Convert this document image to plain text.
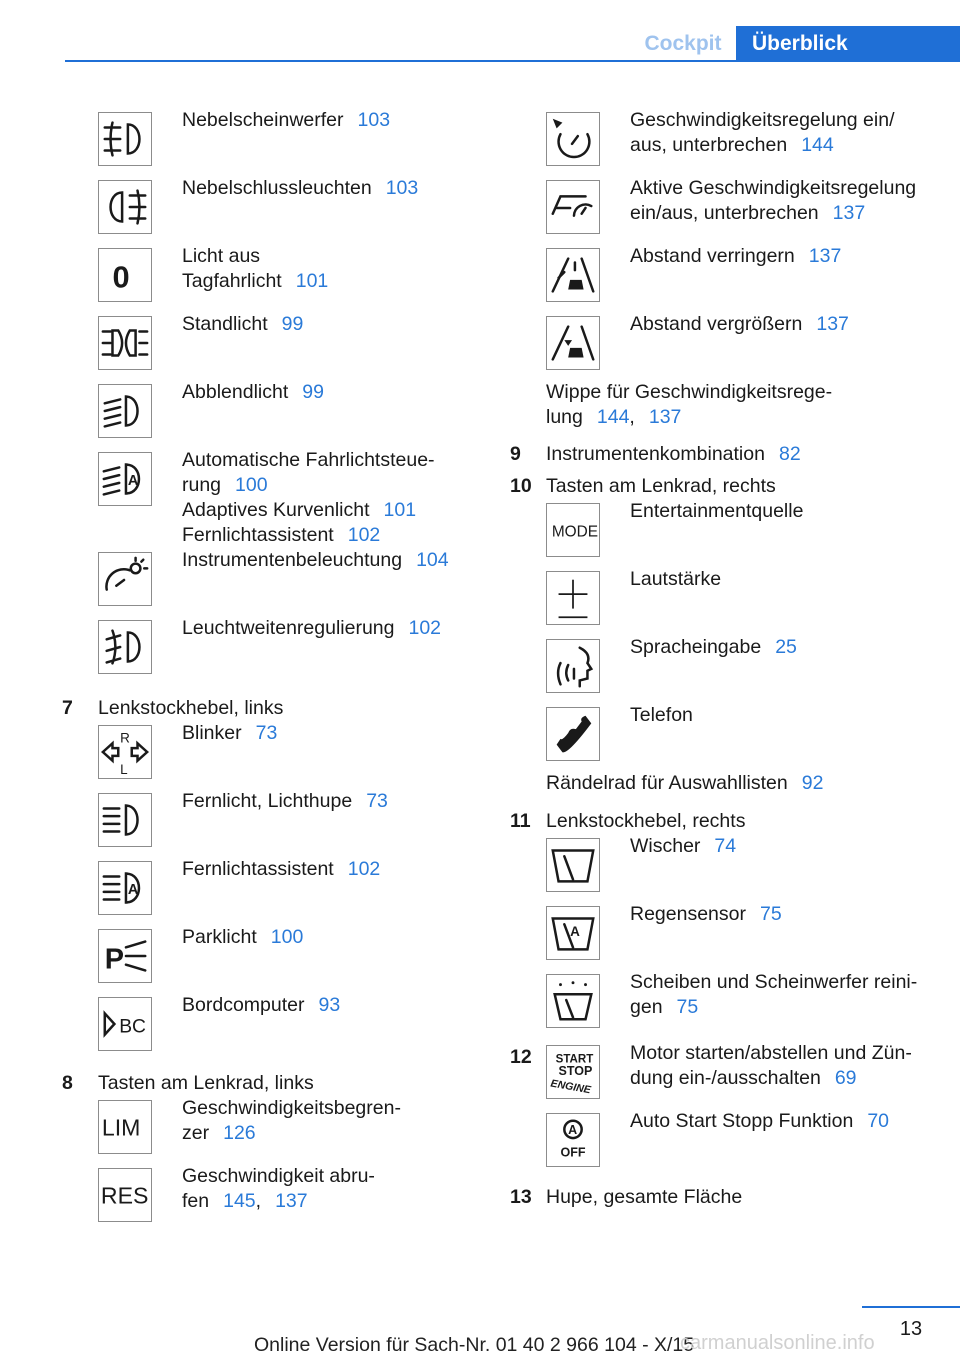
Cockpit	Überblick
Nebelscheinwerfer 103
Nebelschlussleuchten 103
0
Licht aus
Tagfahrlicht 101
Standlicht 99
Abblendlicht 99
A
Automatische Fahrlichtsteue-
rung 100
Adaptives Kurvenlicht 101
Fernlichtassistent 102
Instrumentenbeleuchtung 104
Leuchtweitenregulierung 102
7 Lenkstockhebel, links
R
L
Blinker 73
Fernlicht, Lichthupe 73
A
Fernlichtassistent 102
P
Parklicht 100
BC
Bordcomputer 93
8 Tasten am Lenkrad, links
LIM
Geschwindigkeitsbegren-
zer 126
RES
Geschwindigkeit abru-
fen 145, 137
Geschwindigkeitsregelung ein/
aus, unterbrechen 144
Aktive Geschwindigkeitsregelung
ein/aus, unterbrechen 137
Abstand verringern 137
Abstand vergrößern 137
Wippe für Geschwindigkeitsrege-
lung 144, 137
9 Instrumentenkombination 82
10 Tasten am Lenkrad, rechts
MODE
Entertainmentquelle
Lautstärke
Spracheingabe 25
Telefon
Rändelrad für Auswahllisten 92
11 Lenkstockhebel, rechts
Wischer 74
A
Regensensor 75
Scheiben und Scheinwerfer reini-
gen 75
12 START
STOP
ENGINE
Motor starten/abstellen und Zün-
dung ein-/ausschalten 69
A
OFF
Auto Start Stopp Funktion 70
13 Hupe, gesamte Fläche
13
Online Version für Sach-Nr. 01 40 2 966 104 - X/15
carmanualsonline.info
